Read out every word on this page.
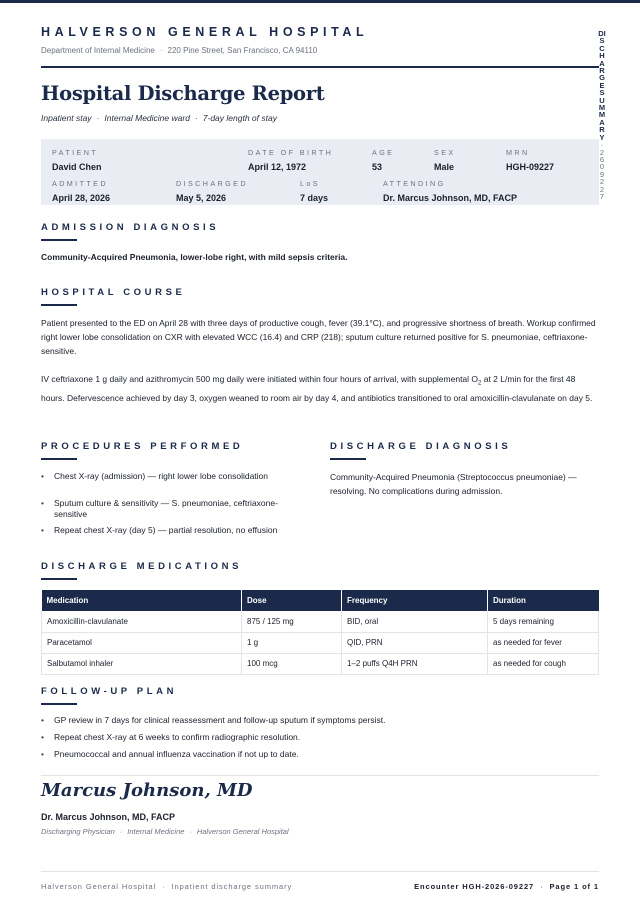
DISCHARGE SUMMARY
· 260922 7
HALVERSON GENERAL HOSPITAL
Department of Internal Medicine · 220 Pine Street, San Francisco, CA 94110
Hospital Discharge Report
Inpatient stay · Internal Medicine ward · 7-day length of stay
PATIENT
David Chen
DATE OF BIRTH
April 12, 1972
AGE
53
SEX
Male
MRN
HGH-09227
ADMITTED
April 28, 2026
DISCHARGED
May 5, 2026
LoS
7 days
ATTENDING
Dr. Marcus Johnson, MD, FACP
ADMISSION DIAGNOSIS
Community-Acquired Pneumonia, lower-lobe right, with mild sepsis criteria.
HOSPITAL COURSE
Patient presented to the ED on April 28 with three days of productive cough, fever (39.1°C), and progressive shortness of breath. Workup confirmed right lower lobe consolidation on CXR with elevated WCC (16.4) and CRP (218); sputum culture returned positive for S. pneumoniae, ceftriaxone-sensitive.
IV ceftriaxone 1 g daily and azithromycin 500 mg daily were initiated within four hours of arrival, with supplemental $O_2$ at 2 L/min for the first 48 hours. Defervescence achieved by day 3, oxygen weaned to room air by day 4, and antibiotics transitioned to oral amoxicillin-clavulanate on day 5.
PROCEDURES PERFORMED
• Chest X-ray (admission) — right lower lobe consolidation
• Sputum culture & sensitivity — S. pneumoniae, ceftriaxone-sensitive
• Repeat chest X-ray (day 5) — partial resolution, no effusion
DISCHARGE DIAGNOSIS
Community-Acquired Pneumonia (Streptococcus pneumoniae) — resolving. No complications during admission.
DISCHARGE MEDICATIONS
Medication	Dose	Frequency	Duration
Amoxicillin-clavulanate	875 / 125 mg	BID, oral	5 days remaining
Paracetamol	1 g	QID, PRN	as needed for fever
Salbutamol inhaler	100 mcg	1–2 puffs Q4H PRN	as needed for cough
FOLLOW-UP PLAN
• GP review in 7 days for clinical reassessment and follow-up sputum if symptoms persist.
• Repeat chest X-ray at 6 weeks to confirm radiographic resolution.
• Pneumococcal and annual influenza vaccination if not up to date.
Marcus Johnson, MD
Dr. Marcus Johnson, MD, FACP
Discharging Physician · Internal Medicine · Halverson General Hospital
Halverson General Hospital · Inpatient discharge summary	Encounter HGH-2026-09227 · Page 1 of 1
